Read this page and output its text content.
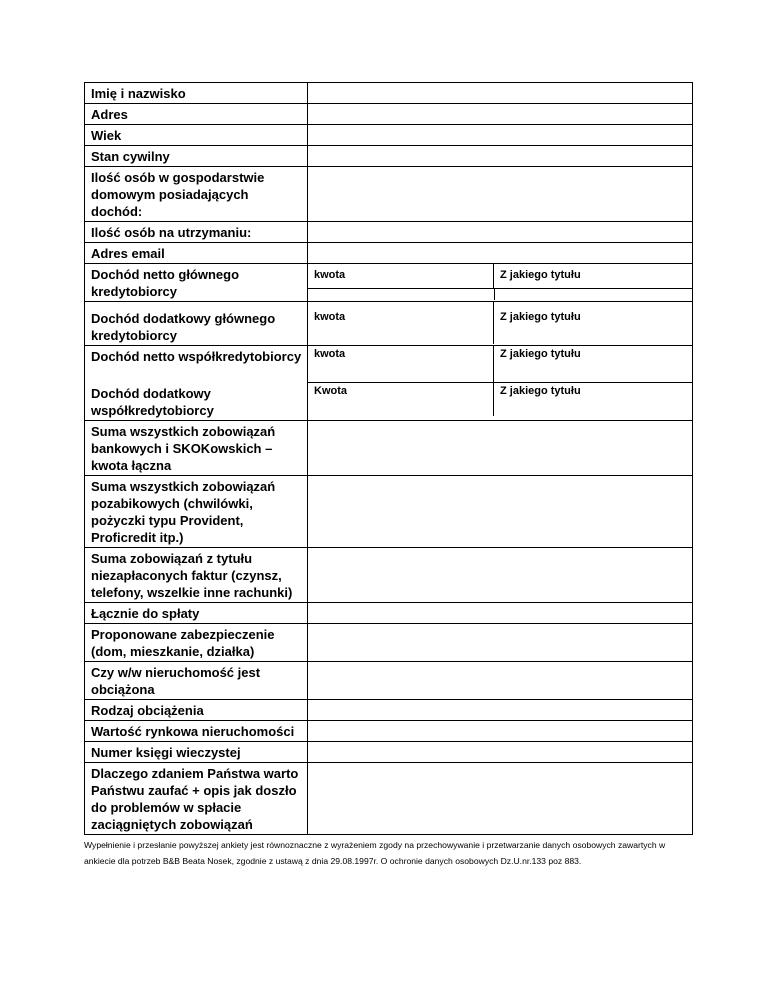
Imię i nazwisko	
Adres	
Wiek	
Stan cywilny	
Ilość osób w gospodarstwie domowym posiadających dochód:	
Ilość osób na utrzymaniu:	
Adres email	
Dochód netto głównego kredytobiorcy	kwota Z jakiego tytułu

Dochód dodatkowy głównego kredytobiorcy	kwota Z jakiego tytułu

Dochód netto współkredytobiorcy	kwota Z jakiego tytułu

Dochód dodatkowy współkredytobiorcy	Kwota Z jakiego tytułu

Suma wszystkich zobowiązań bankowych i SKOKowskich – kwota łączna	
Suma wszystkich zobowiązań pozabikowych (chwilówki, pożyczki typu Provident, Proficredit itp.)	
Suma zobowiązań z tytułu niezapłaconych faktur (czynsz, telefony, wszelkie inne rachunki)	
Łącznie do spłaty	
Proponowane zabezpieczenie (dom, mieszkanie, działka)	
Czy w/w nieruchomość jest obciążona	
Rodzaj obciążenia	
Wartość rynkowa nieruchomości	
Numer księgi wieczystej	
Dlaczego zdaniem Państwa warto Państwu zaufać + opis jak doszło do problemów w spłacie zaciągniętych zobowiązań	
Wypełnienie i przesłanie powyższej ankiety jest równoznaczne z wyrażeniem zgody na przechowywanie i przetwarzanie danych osobowych zawartych w ankiecie dla potrzeb B&B Beata Nosek, zgodnie z ustawą z dnia 29.08.1997r. O ochronie danych osobowych Dz.U.nr.133 poz 883.
